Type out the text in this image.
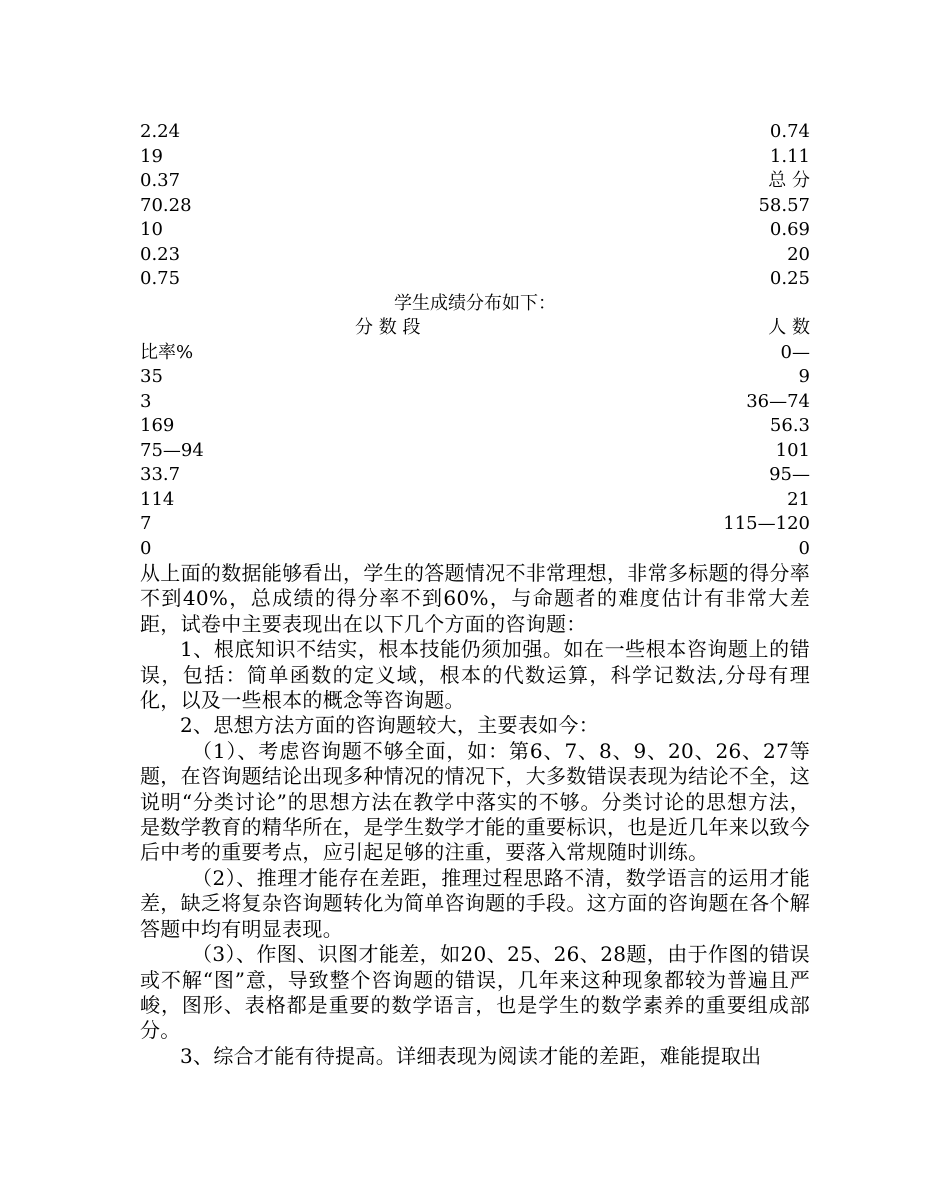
2.24	0.74
19	1.11
0.37	总 分
70.28	58.57
10	0.69
0.23	20
0.75	0.25
学生成绩分布如下：
分 数 段	人 数
比率%	0—
35	9
3	36—74
169	56.3
75—94	101
33.7	95—
114	21
7	115—120
0	0

从上面的数据能够看出，学生的答题情况不非常理想，非常多标题的得分率不到40%，总成绩的得分率不到60%，与命题者的难度估计有非常大差距，试卷中主要表现出在以下几个方面的咨询题：

1、根底知识不结实，根本技能仍须加强。如在一些根本咨询题上的错误，包括：简单函数的定义域，根本的代数运算，科学记数法,分母有理化，以及一些根本的概念等咨询题。

2、思想方法方面的咨询题较大，主要表如今：

（1）、考虑咨询题不够全面，如：第6、7、8、9、20、26、27等题，在咨询题结论出现多种情况的情况下，大多数错误表现为结论不全，这说明“分类讨论”的思想方法在教学中落实的不够。分类讨论的思想方法，是数学教育的精华所在，是学生数学才能的重要标识，也是近几年来以致今后中考的重要考点，应引起足够的注重，要落入常规随时训练。

（2）、推理才能存在差距，推理过程思路不清，数学语言的运用才能差，缺乏将复杂咨询题转化为简单咨询题的手段。这方面的咨询题在各个解答题中均有明显表现。

（3）、作图、识图才能差，如20、25、26、28题，由于作图的错误或不解“图”意，导致整个咨询题的错误，几年来这种现象都较为普遍且严峻，图形、表格都是重要的数学语言，也是学生的数学素养的重要组成部分。

3、综合才能有待提高。详细表现为阅读才能的差距，难能提取出
